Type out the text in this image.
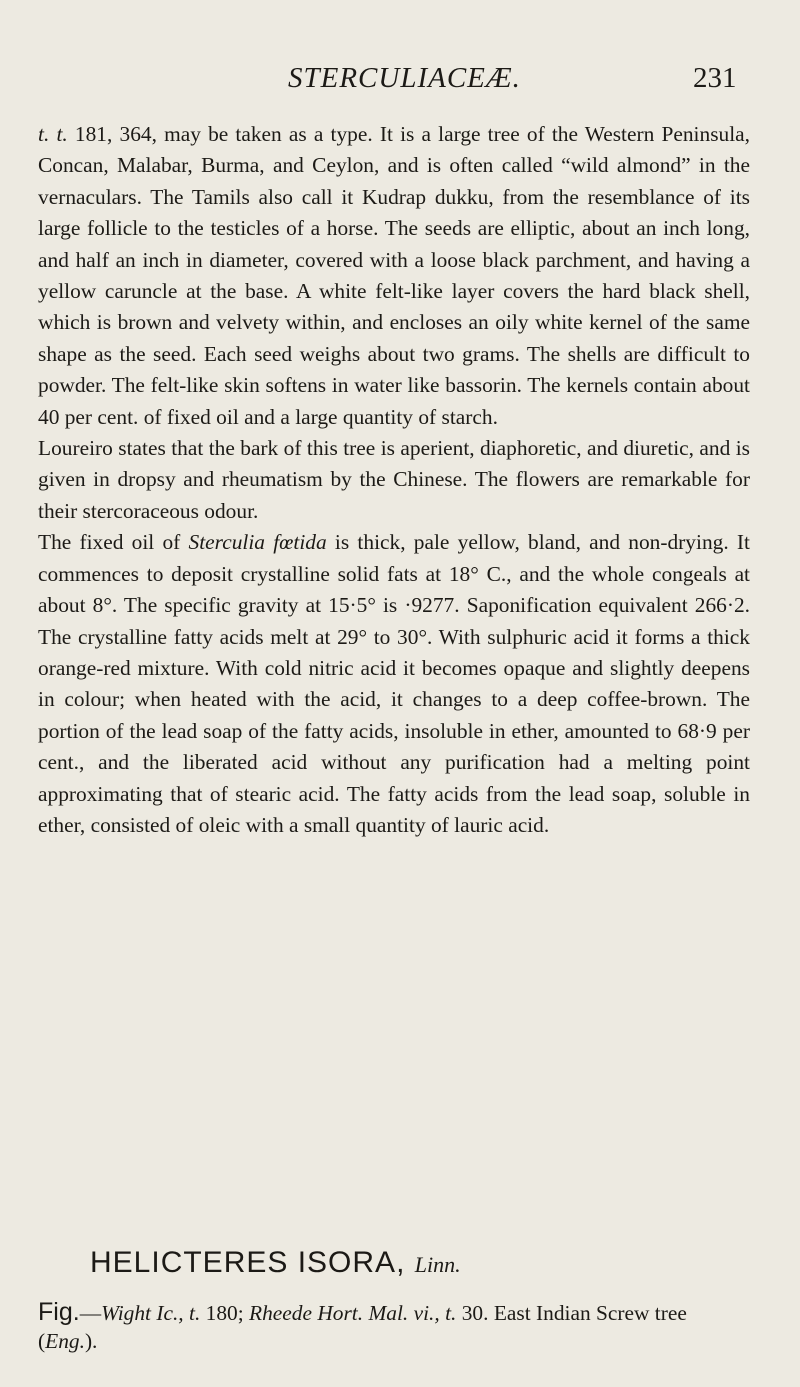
STERCULIACEÆ.	231

t. t. 181, 364, may be taken as a type. It is a large tree of the Western Peninsula, Concan, Malabar, Burma, and Ceylon, and is often called “wild almond” in the vernaculars. The Tamils also call it Kudrap dukku, from the resemblance of its large follicle to the testicles of a horse. The seeds are elliptic, about an inch long, and half an inch in diameter, covered with a loose black parchment, and having a yellow caruncle at the base. A white felt-like layer covers the hard black shell, which is brown and velvety within, and encloses an oily white kernel of the same shape as the seed. Each seed weighs about two grams. The shells are difficult to powder. The felt-like skin softens in water like bassorin. The kernels contain about 40 per cent. of fixed oil and a large quantity of starch.

Loureiro states that the bark of this tree is aperient, diaphoretic, and diuretic, and is given in dropsy and rheumatism by the Chinese. The flowers are remarkable for their stercoraceous odour.

The fixed oil of Sterculia fœtida is thick, pale yellow, bland, and non-drying. It commences to deposit crystalline solid fats at 18° C., and the whole congeals at about 8°. The specific gravity at 15·5° is ·9277. Saponification equivalent 266·2. The crystalline fatty acids melt at 29° to 30°. With sulphuric acid it forms a thick orange-red mixture. With cold nitric acid it becomes opaque and slightly deepens in colour; when heated with the acid, it changes to a deep coffee-brown. The portion of the lead soap of the fatty acids, insoluble in ether, amounted to 68·9 per cent., and the liberated acid without any purification had a melting point approximating that of stearic acid. The fatty acids from the lead soap, soluble in ether, consisted of oleic with a small quantity of lauric acid.

HELICTERES ISORA, Linn.
Fig.—Wight Ic., t. 180; Rheede Hort. Mal. vi., t. 30. East Indian Screw tree (Eng.).
